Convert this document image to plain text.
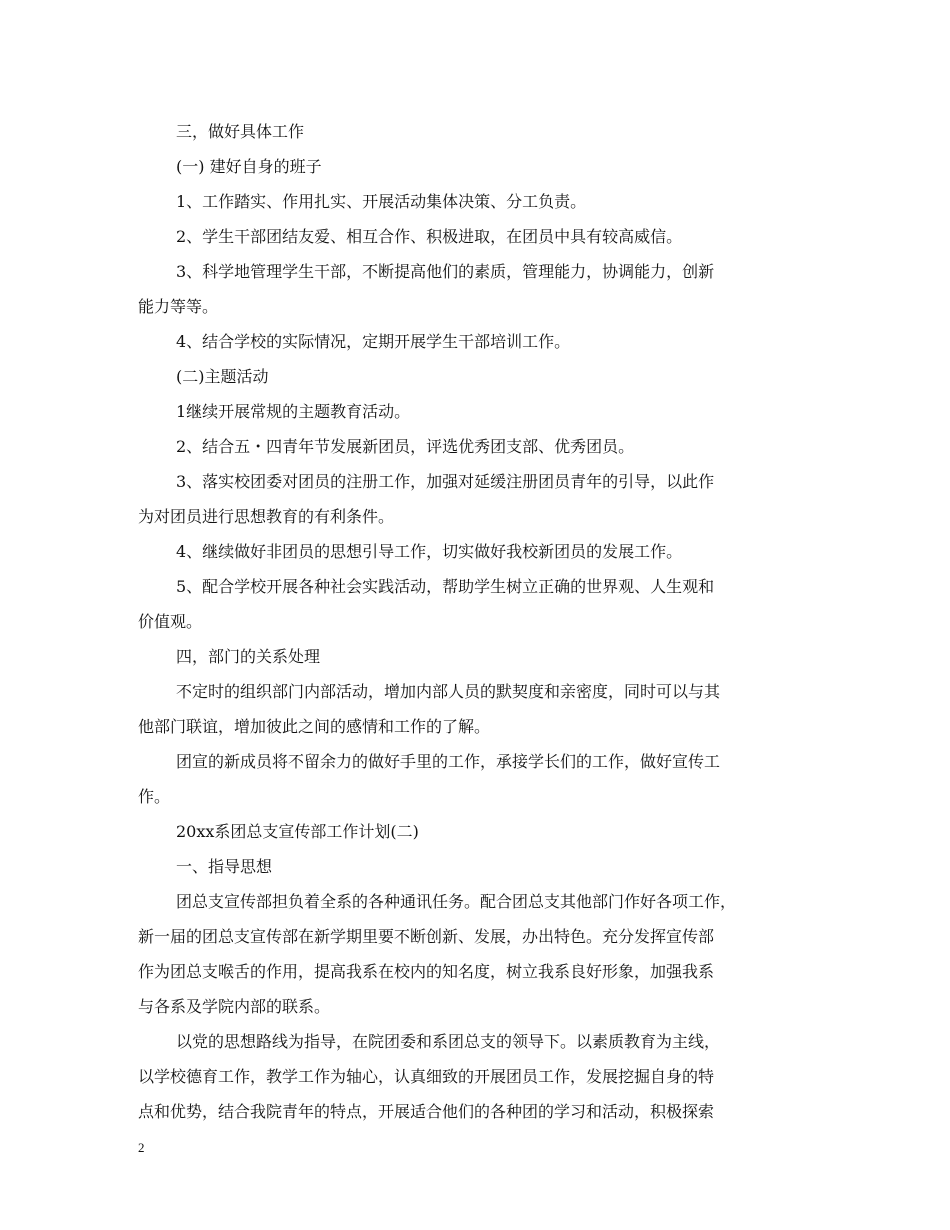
三，做好具体工作

(一) 建好自身的班子

1、工作踏实、作用扎实、开展活动集体决策、分工负责。

2、学生干部团结友爱、相互合作、积极进取，在团员中具有较高威信。

3、科学地管理学生干部，不断提高他们的素质，管理能力，协调能力，创新
能力等等。

4、结合学校的实际情况，定期开展学生干部培训工作。

(二)主题活动

1继续开展常规的主题教育活动。

2、结合五・四青年节发展新团员，评选优秀团支部、优秀团员。

3、落实校团委对团员的注册工作，加强对延缓注册团员青年的引导，以此作
为对团员进行思想教育的有利条件。

4、继续做好非团员的思想引导工作，切实做好我校新团员的发展工作。

5、配合学校开展各种社会实践活动，帮助学生树立正确的世界观、人生观和
价值观。

四，部门的关系处理

不定时的组织部门内部活动，增加内部人员的默契度和亲密度，同时可以与其
他部门联谊，增加彼此之间的感情和工作的了解。

团宣的新成员将不留余力的做好手里的工作，承接学长们的工作，做好宣传工
作。

20xx系团总支宣传部工作计划(二)

一、指导思想

团总支宣传部担负着全系的各种通讯任务。配合团总支其他部门作好各项工作，
新一届的团总支宣传部在新学期里要不断创新、发展，办出特色。充分发挥宣传部
作为团总支喉舌的作用，提高我系在校内的知名度，树立我系良好形象，加强我系
与各系及学院内部的联系。

以党的思想路线为指导，在院团委和系团总支的领导下。以素质教育为主线，
以学校德育工作，教学工作为轴心，认真细致的开展团员工作，发展挖掘自身的特
点和优势，结合我院青年的特点，开展适合他们的各种团的学习和活动，积极探索

2
